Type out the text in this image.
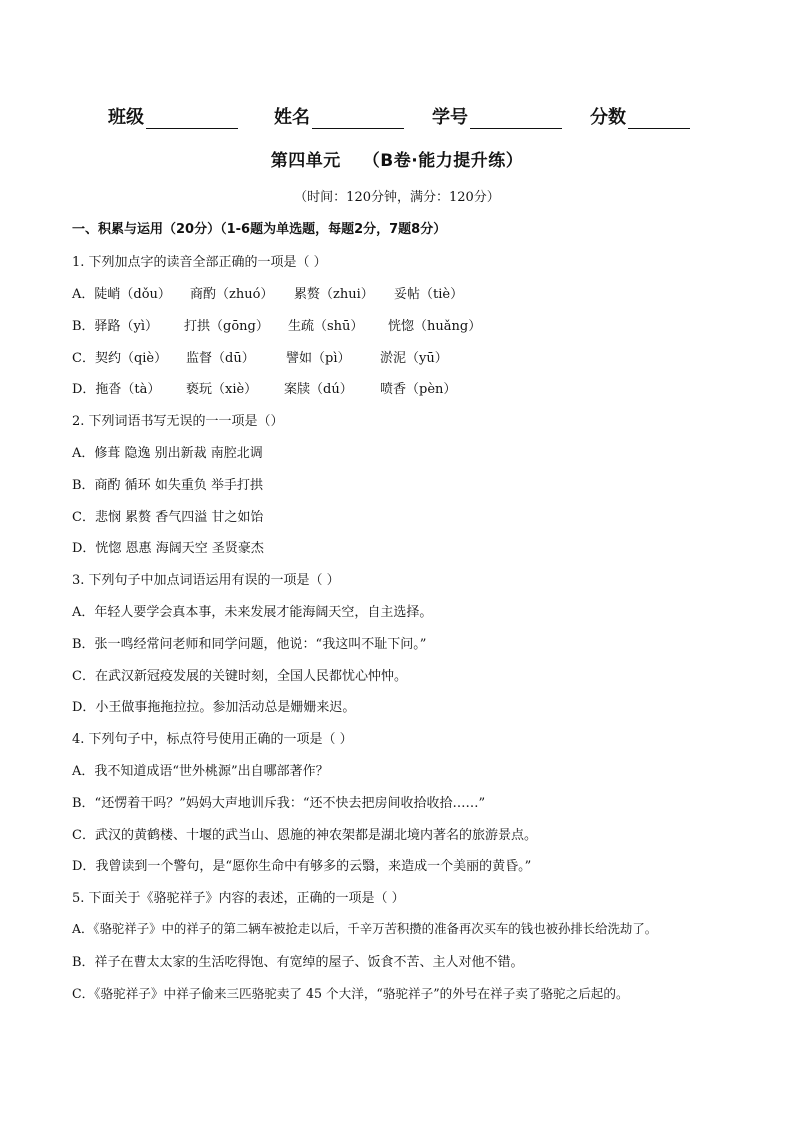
班级	姓名	学号	分数
第四单元 （B卷·能力提升练）
（时间：120分钟，满分：120分）
一、积累与运用（20分）（1-6题为单选题，每题2分，7题8分）
1. 下列加点字的读音全部正确的一项是（ ）
A．陡峭（dǒu）	商酌（zhuó）	累赘（zhui）	妥帖（tiè）
B．驿路（yì）	打拱（gōng）	生疏（shū）	恍惚（huǎng）
C．契约（qiè）	监督（dū）	譬如（pì）	淤泥（yū）
D．拖沓（tà）	亵玩（xiè）	案牍（dú）	喷香（pèn）
2. 下列词语书写无误的一一项是（）
A．修葺 隐逸 别出新裁 南腔北调
B．商酌 循环 如失重负 举手打拱
C．悲悯 累赘 香气四溢 甘之如饴
D．恍惚 恩惠 海阔天空 圣贤豪杰
3. 下列句子中加点词语运用有误的一项是（ ）
A．年轻人要学会真本事，未来发展才能海阔天空，自主选择。
B．张一鸣经常问老师和同学问题，他说：“我这叫不耻下问。”
C．在武汉新冠疫发展的关键时刻，全国人民都忧心忡忡。
D．小王做事拖拖拉拉。参加活动总是姗姗来迟。
4. 下列句子中，标点符号使用正确的一项是（ ）
A．我不知道成语“世外桃源”出自哪部著作？
B．“还愣着干吗？”妈妈大声地训斥我：“还不快去把房间收拾收拾……”
C．武汉的黄鹤楼、十堰的武当山、恩施的神农架都是湖北境内著名的旅游景点。
D．我曾读到一个警句，是“愿你生命中有够多的云翳，来造成一个美丽的黄昏。”
5. 下面关于《骆驼祥子》内容的表述，正确的一项是（ ）
A．《骆驼祥子》中的祥子的第二辆车被抢走以后，千辛万苦积攒的准备再次买车的钱也被孙排长给洗劫了。
B．祥子在曹太太家的生活吃得饱、有宽绰的屋子、饭食不苦、主人对他不错。
C．《骆驼祥子》中祥子偷来三匹骆驼卖了 45 个大洋，“骆驼祥子”的外号在祥子卖了骆驼之后起的。
